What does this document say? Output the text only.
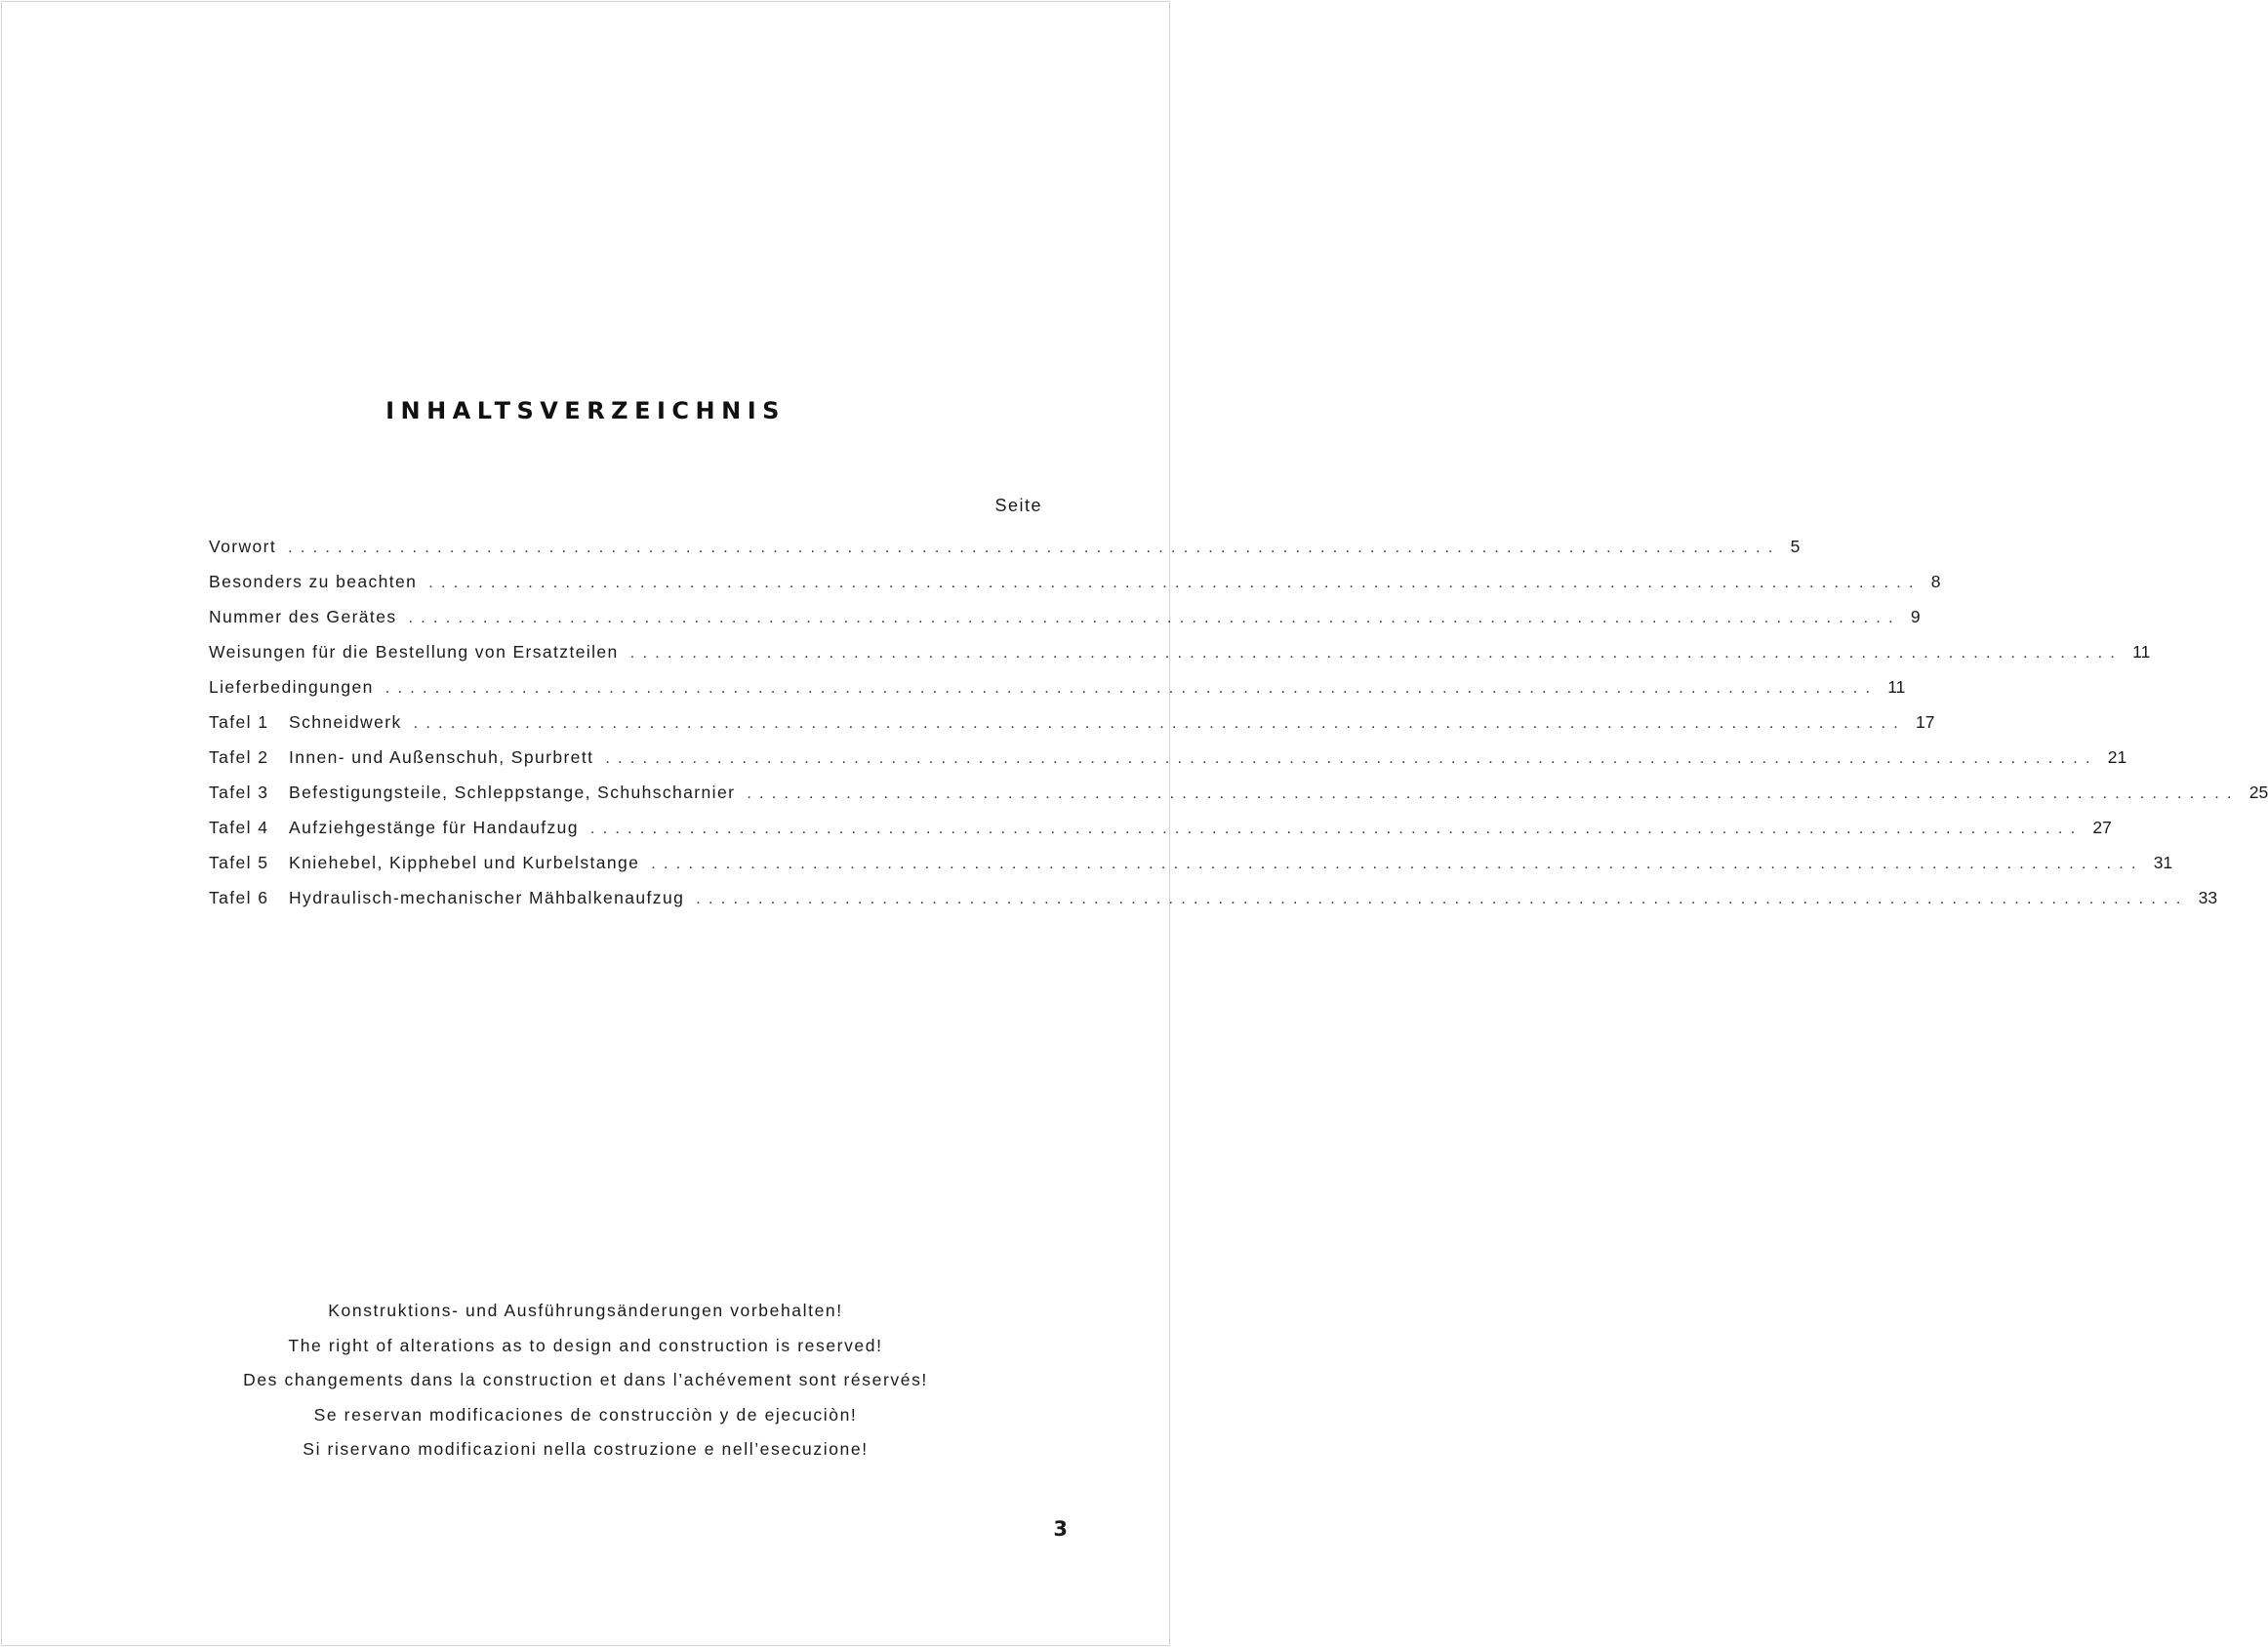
INHALTSVERZEICHNIS
Seite
Vorwort ........................................................................................................................ 5
Besonders zu beachten ........................................................................................................................ 8
Nummer des Gerätes ........................................................................................................................ 9
Weisungen für die Bestellung von Ersatzteilen ........................................................................................................................ 11
Lieferbedingungen ........................................................................................................................ 11
Tafel 1	Schneidwerk ........................................................................................................................ 17
Tafel 2	Innen- und Außenschuh, Spurbrett ........................................................................................................................ 21
Tafel 3	Befestigungsteile, Schleppstange, Schuhscharnier ........................................................................................................................ 25
Tafel 4	Aufziehgestänge für Handaufzug ........................................................................................................................ 27
Tafel 5	Kniehebel, Kipphebel und Kurbelstange ........................................................................................................................ 31
Tafel 6	Hydraulisch-mechanischer Mähbalkenaufzug ........................................................................................................................ 33
Konstruktions- und Ausführungsänderungen vorbehalten!
The right of alterations as to design and construction is reserved!
Des changements dans la construction et dans l’achévement sont réservés!
Se reservan modificaciones de construcciòn y de ejecuciòn!
Si riservano modificazioni nella costruzione e nell’esecuzione!
3
